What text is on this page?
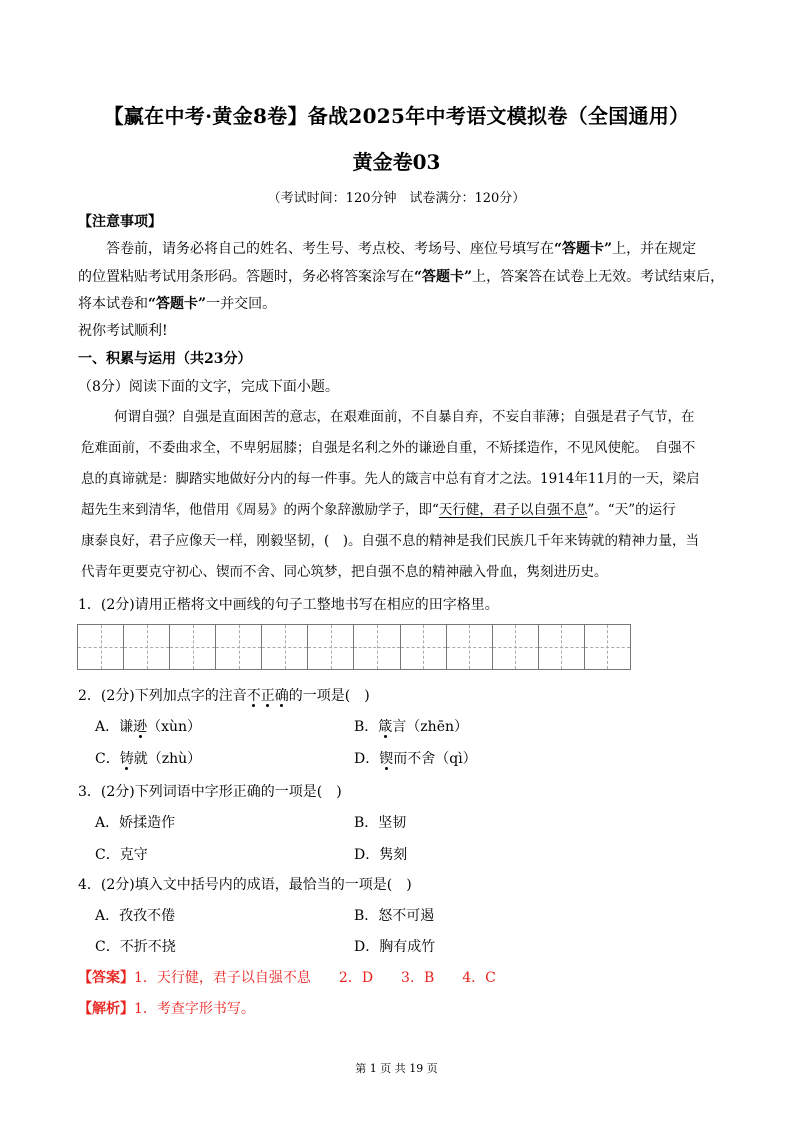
【赢在中考·黄金8卷】备战2025年中考语文模拟卷（全国通用）
黄金卷03
（考试时间：120分钟　试卷满分：120分）
【注意事项】
答卷前，请务必将自己的姓名、考生号、考点校、考场号、座位号填写在“答题卡”上，并在规定
的位置粘贴考试用条形码。答题时，务必将答案涂写在“答题卡”上，答案答在试卷上无效。考试结束后，
将本试卷和“答题卡”一并交回。
祝你考试顺利!
一、积累与运用（共23分）
（8分）阅读下面的文字，完成下面小题。
何谓自强？自强是直面困苦的意志，在艰难面前，不自暴自弃，不妄自菲薄；自强是君子气节，在
危难面前，不委曲求全，不卑躬屈膝；自强是名利之外的谦逊自重，不矫揉造作，不见风使舵。　自强不
息的真谛就是：脚踏实地做好分内的每一件事。先人的箴言中总有育才之法。1914年11月的一天，梁启
超先生来到清华，他借用《周易》的两个象辞激励学子，即“天行健，君子以自强不息”。“天”的运行
康泰良好，君子应像天一样，刚毅坚韧，(　)。自强不息的精神是我们民族几千年来铸就的精神力量，当
代青年更要克守初心、锲而不舍、同心筑梦，把自强不息的精神融入骨血，隽刻进历史。
1．(2分)请用正楷将文中画线的句子工整地书写在相应的田字格里。
2．(2分)下列加点字的注音不正确的一项是(　)
A．谦逊（xùn）	B．箴言（zhēn）
C．铸就（zhù）	D．锲而不舍（qì）
3．(2分)下列词语中字形正确的一项是(　)
A．娇揉造作	B．坚韧
C．克守	D．隽刻
4．(2分)填入文中括号内的成语，最恰当的一项是(　)
A．孜孜不倦	B．怒不可遏
C．不折不挠	D．胸有成竹
【答案】1．天行健，君子以自强不息　　2．D　　3．B　　4．C
【解析】1．考查字形书写。
第 1 页 共 19 页
